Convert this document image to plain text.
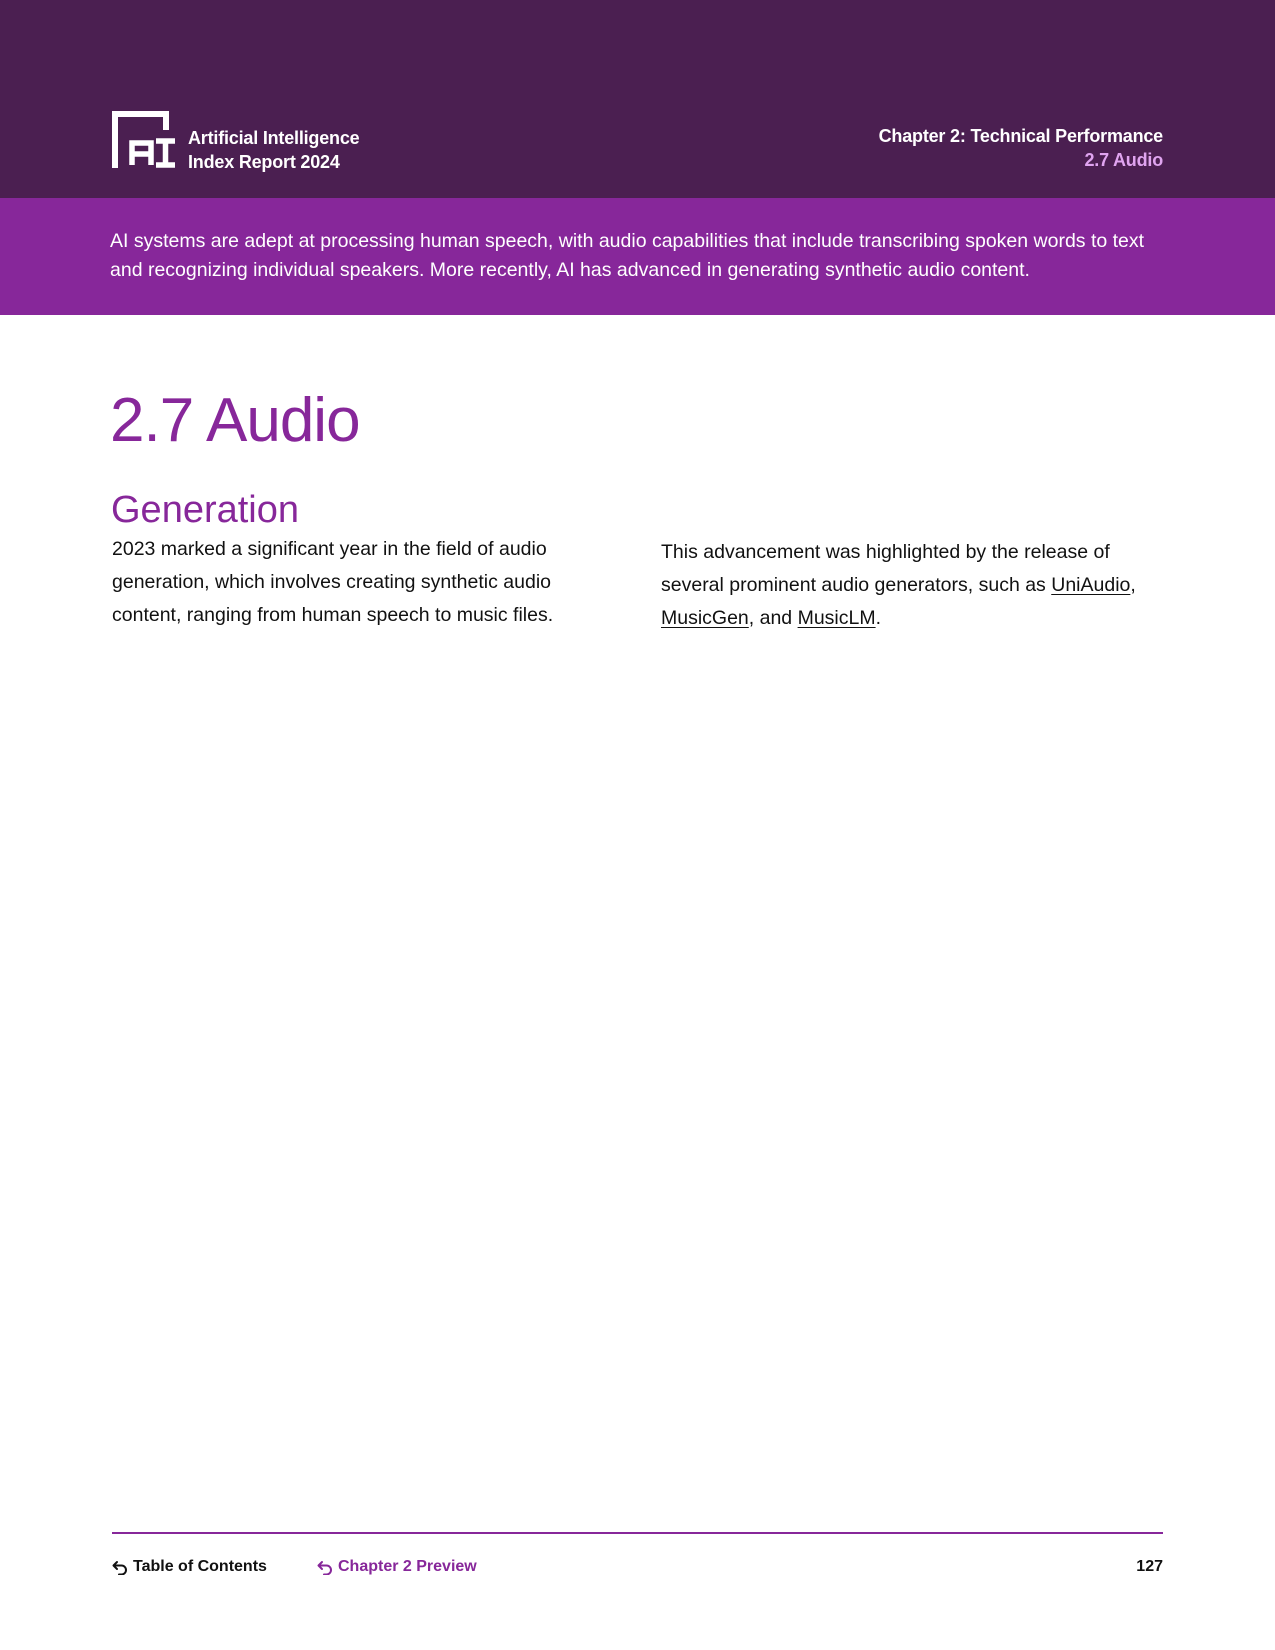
Artificial Intelligence
Index Report 2024
Chapter 2: Technical Performance
2.7 Audio
AI systems are adept at processing human speech, with audio capabilities that include transcribing spoken words to text and recognizing individual speakers. More recently, AI has advanced in generating synthetic audio content.
2.7 Audio
Generation

2023 marked a significant year in the field of audio generation, which involves creating synthetic audio content, ranging from human speech to music files.

This advancement was highlighted by the release of several prominent audio generators, such as UniAudio, MusicGen, and MusicLM.

Table of Contents	Chapter 2 Preview	127
